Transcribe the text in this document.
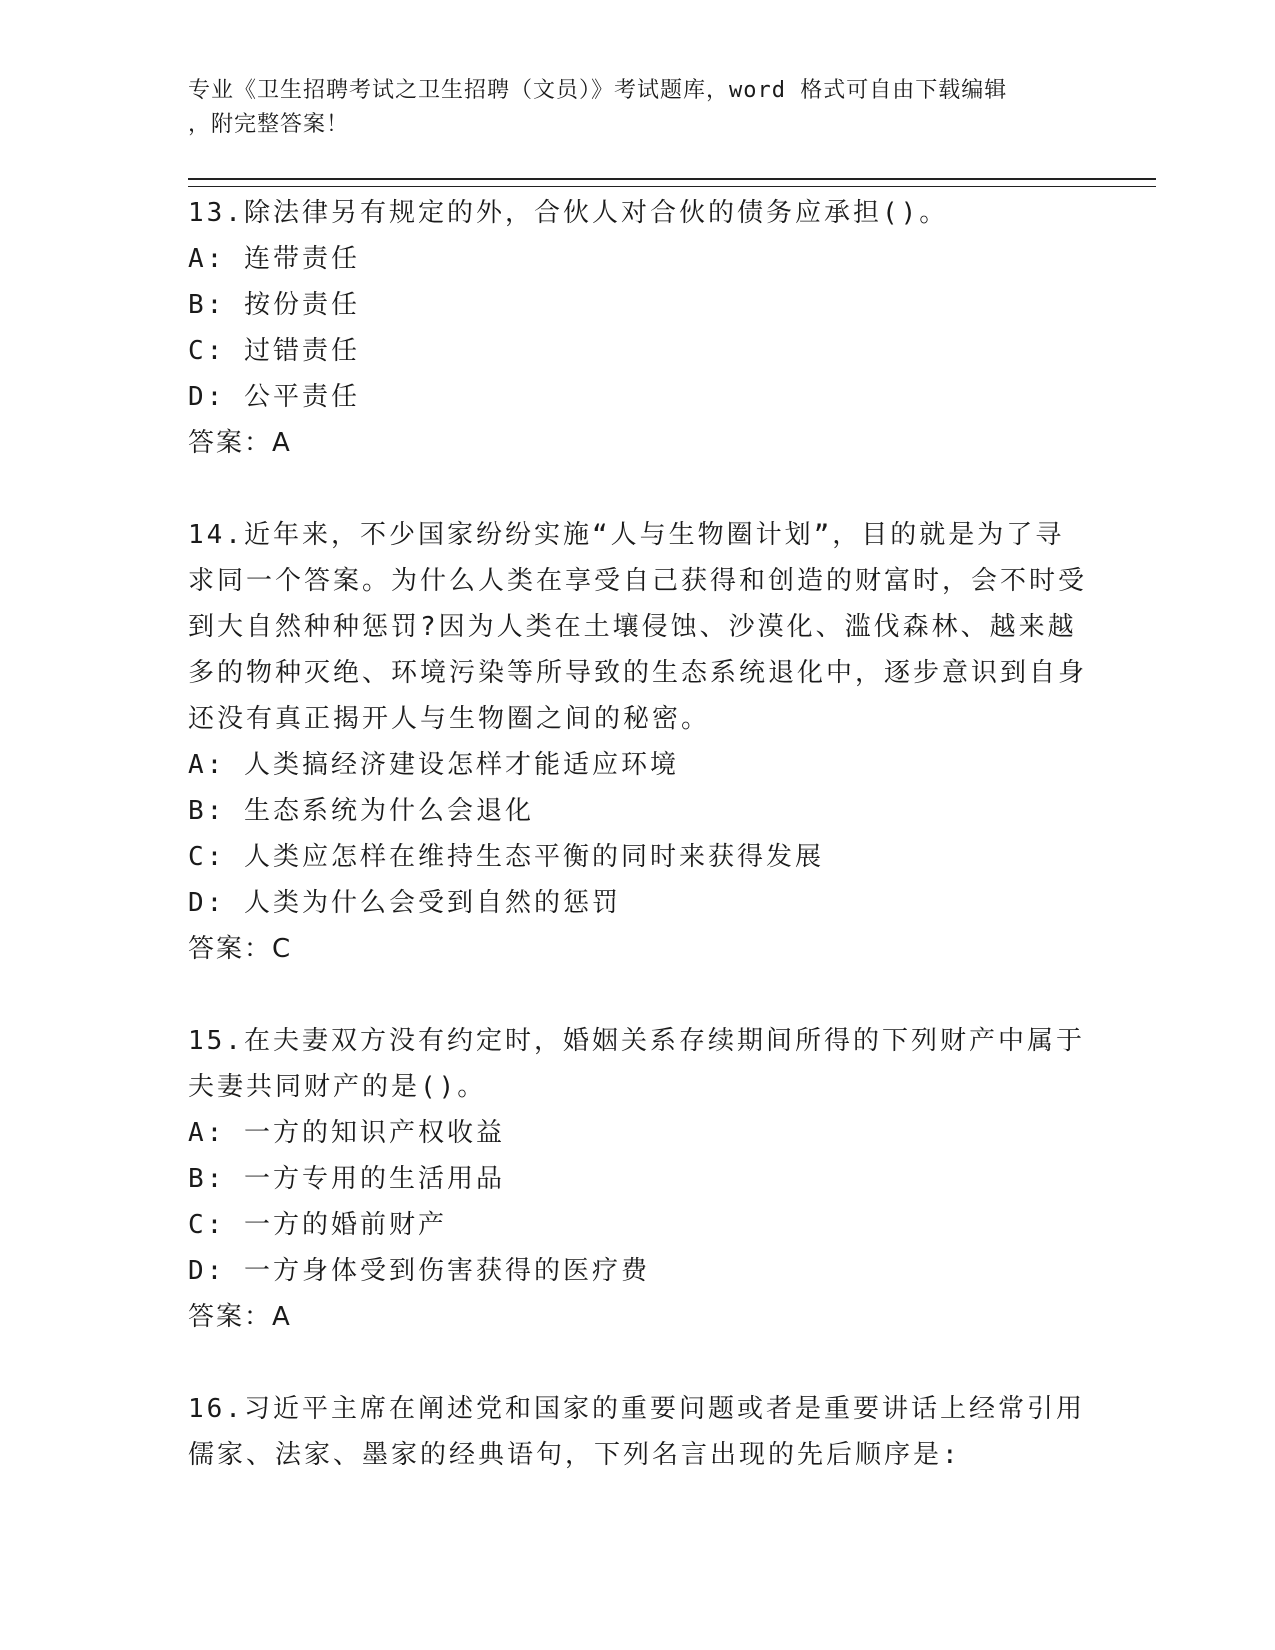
专业《卫生招聘考试之卫生招聘（文员）》考试题库，word 格式可自由下载编辑
，附完整答案！
13.除法律另有规定的外，合伙人对合伙的债务应承担()。
A: 连带责任
B: 按份责任
C: 过错责任
D: 公平责任
答案：A
14.近年来，不少国家纷纷实施“人与生物圈计划”，目的就是为了寻求同一个答案。为什么人类在享受自己获得和创造的财富时，会不时受到大自然种种惩罚?因为人类在土壤侵蚀、沙漠化、滥伐森林、越来越多的物种灭绝、环境污染等所导致的生态系统退化中，逐步意识到自身还没有真正揭开人与生物圈之间的秘密。
A: 人类搞经济建设怎样才能适应环境
B: 生态系统为什么会退化
C: 人类应怎样在维持生态平衡的同时来获得发展
D: 人类为什么会受到自然的惩罚
答案：C
15.在夫妻双方没有约定时，婚姻关系存续期间所得的下列财产中属于夫妻共同财产的是()。
A: 一方的知识产权收益
B: 一方专用的生活用品
C: 一方的婚前财产
D: 一方身体受到伤害获得的医疗费
答案：A
16.习近平主席在阐述党和国家的重要问题或者是重要讲话上经常引用儒家、法家、墨家的经典语句，下列名言出现的先后顺序是:
